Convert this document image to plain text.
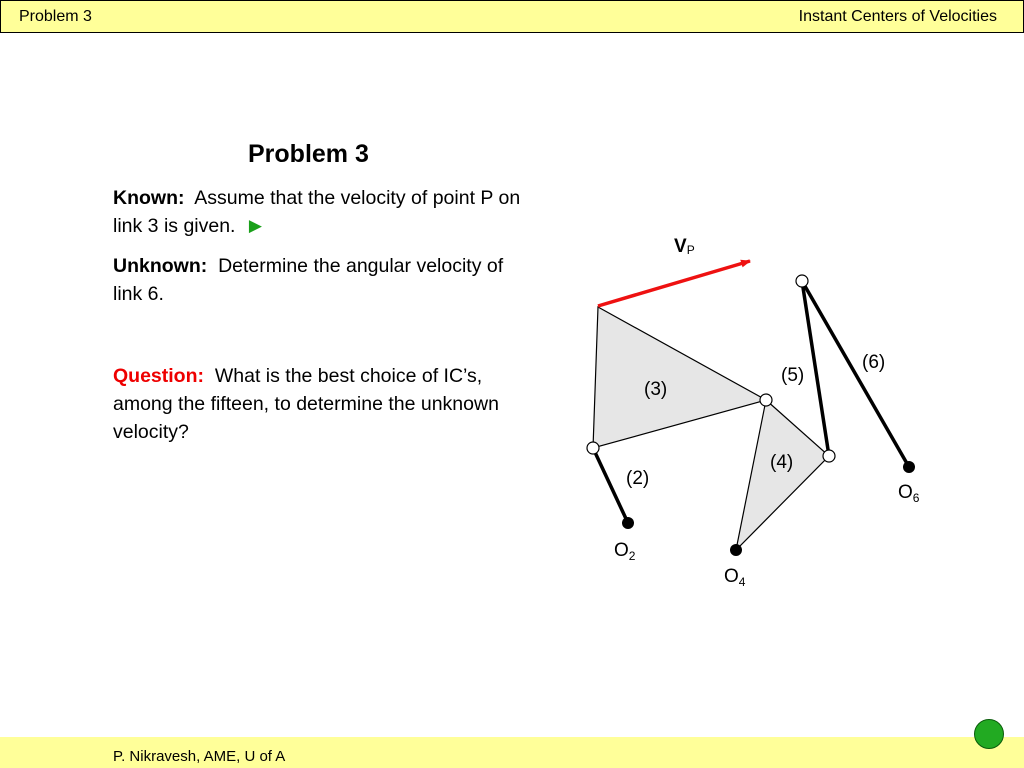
Problem 3	Instant Centers of Velocities
Problem 3
Known: Assume that the velocity of point P on link 3 is given. ▶
Unknown: Determine the angular velocity of link 6.
Question: What is the best choice of IC’s, among the fifteen, to determine the unknown velocity?
VP
(2)
(3)
(4)
(5)
(6)
$O_2$
$O_4$
$O_6$
P. Nikravesh, AME, U of A
